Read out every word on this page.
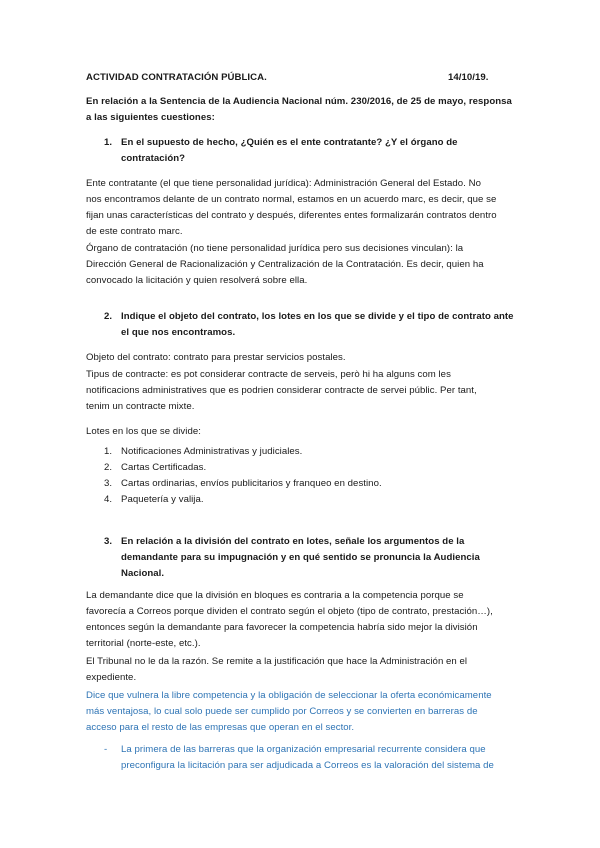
ACTIVIDAD CONTRATACIÓN PÚBLICA.	14/10/19.
En relación a la Sentencia de la Audiencia Nacional núm. 230/2016, de 25 de mayo, responsa
a las siguientes cuestiones:
1. En el supuesto de hecho, ¿Quién es el ente contratante? ¿Y el órgano de
contratación?
Ente contratante (el que tiene personalidad jurídica): Administración General del Estado. No
nos encontramos delante de un contrato normal, estamos en un acuerdo marc, es decir, que se
fijan unas características del contrato y después, diferentes entes formalizarán contratos dentro
de este contrato marc.
Órgano de contratación (no tiene personalidad jurídica pero sus decisiones vinculan): la
Dirección General de Racionalización y Centralización de la Contratación. Es decir, quien ha
convocado la licitación y quien resolverá sobre ella.
2. Indique el objeto del contrato, los lotes en los que se divide y el tipo de contrato ante
el que nos encontramos.
Objeto del contrato: contrato para prestar servicios postales.
Tipus de contracte: es pot considerar contracte de serveis, però hi ha alguns com les
notificacions administratives que es podrien considerar contracte de servei públic. Per tant,
tenim un contracte mixte.
Lotes en los que se divide:
1. Notificaciones Administrativas y judiciales.
2. Cartas Certificadas.
3. Cartas ordinarias, envíos publicitarios y franqueo en destino.
4. Paquetería y valija.
3. En relación a la división del contrato en lotes, señale los argumentos de la
demandante para su impugnación y en qué sentido se pronuncia la Audiencia
Nacional.
La demandante dice que la división en bloques es contraria a la competencia porque se
favorecía a Correos porque dividen el contrato según el objeto (tipo de contrato, prestación…),
entonces según la demandante para favorecer la competencia habría sido mejor la división
territorial (norte-este, etc.).
El Tribunal no le da la razón. Se remite a la justificación que hace la Administración en el
expediente.
Dice que vulnera la libre competencia y la obligación de seleccionar la oferta económicamente
más ventajosa, lo cual solo puede ser cumplido por Correos y se convierten en barreras de
acceso para el resto de las empresas que operan en el sector.
- La primera de las barreras que la organización empresarial recurrente considera que
preconfigura la licitación para ser adjudicada a Correos es la valoración del sistema de
